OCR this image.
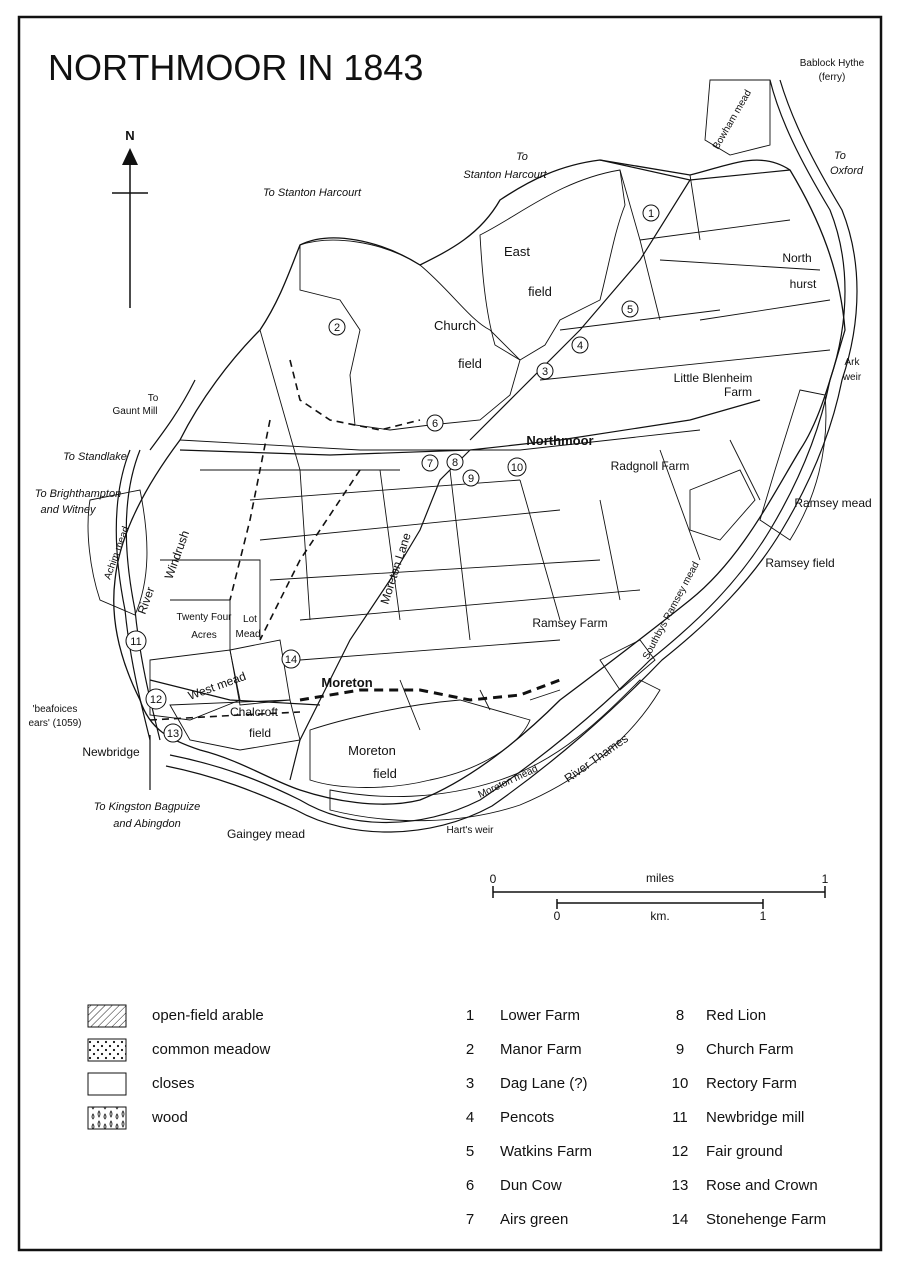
NORTHMOOR IN 1843
N
0	miles	1
0	km.	1
Bablock Hythe
(ferry)
To
Oxford
To
Stanton Harcourt
To Stanton Harcourt
Bowham mead
East
field
North
hurst
Church
field	Ark
weir
Little Blenheim
Farm
To
Gaunt Mill
To Standlake
Northmoor
Radgnoll Farm
Ramsey mead
To Brighthampton
and Witney
Achim mead
River
Windrush	Ramsey field
Moreton Lane
Twenty Four
Acres
Lot
Mead
Ramsey Farm	Southbys Ramsey mead
Moreton
West mead
'beafoices
ears' (1059)
Chalcroft
field
Newbridge	Moreton
field	Moreton mead River Thames
To Kingston Bagpuize
and Abingdon
Gaingey mead	Hart's weir
1
2
3
4
5
6
7 8
9
10
11
12
13
14
open-field arable
common meadow
closes
wood
1 Lower Farm
2 Manor Farm
3 Dag Lane (?)
4 Pencots
5 Watkins Farm
6 Dun Cow
7 Airs green
8 Red Lion
9 Church Farm
10 Rectory Farm
11 Newbridge mill
12 Fair ground
13 Rose and Crown
14 Stonehenge Farm
